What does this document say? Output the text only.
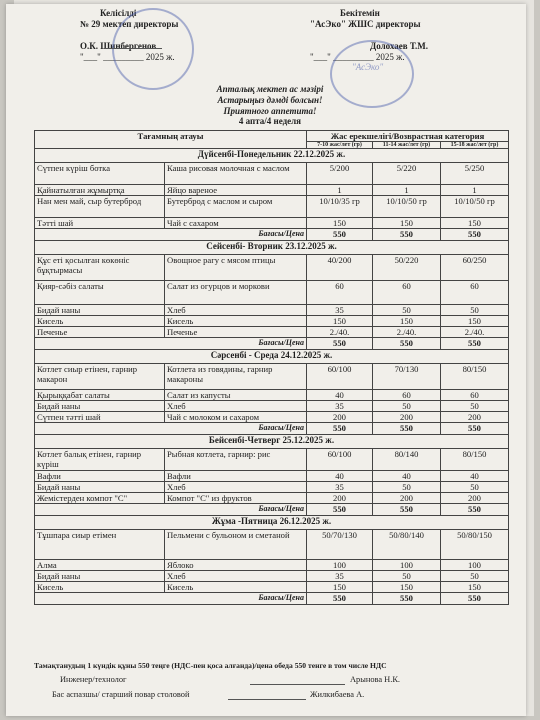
Келісілді
№ 29 мектеп директоры
О.К. Шинбергенов
"___" _________ 2025 ж.
Бекітемін
"АсЭко" ЖШС директоры
Долохаев Т.М.
"___" _________ 2025 ж.
"АсЭко"
Апталық мектеп ас мәзірі
Астарыңыз дәмді болсын!
Приятного аппетита!
4 апта/4 неделя
Тағамның атауы		Жас ерекшелігі/Возврастная категория		
		7-10 жас/лет (гр)	11-14 жас/лет (гр)	15-18 жас/лет (гр)
Дүйсенбі-Понедельник 22.12.2025 ж.				
Сүтпен күріш ботка	Каша рисовая молочная с маслом	5/200	5/220	5/250
Қайнатылған жұмыртқа	Яйцо вареное	1	1	1
Нан мен май, сыр бутерброд	Бутерброд с маслом и сыром	10/10/35 гр	10/10/50 гр	10/10/50 гр
Тәтті шай	Чай с сахаром	150	150	150
Бағасы/Цена		550	550	550
Сейсенбі- Вторник 23.12.2025 ж.				
Құс еті қосылған көкөніс бұқтырмасы	Овощное рагу с мясом птицы	40/200	50/220	60/250
Қияр-сәбіз салаты	Салат из огурцов и моркови	60	60	60
Бидай наны	Хлеб	35	50	50
Кисель	Кисель	150	150	150
Печенье	Печенье	2./40.	2./40.	2./40.
Бағасы/Цена		550	550	550
Сәрсенбі - Среда 24.12.2025 ж.				
Котлет сиыр етінен, гарнир макарон	Котлета из говядины, гарнир макароны	60/100	70/130	80/150
Қырыққабат салаты	Салат из капусты	40	60	60
Бидай наны	Хлеб	35	50	50
Сүтпен тәтті шай	Чай с молоком и сахаром	200	200	200
Бағасы/Цена		550	550	550
Бейсенбі-Четверг 25.12.2025 ж.				
Котлет балық етінен, гарнир күріш	Рыбная котлета, гарнир: рис	60/100	80/140	80/150
Вафли	Вафли	40	40	40
Бидай наны	Хлеб	35	50	50
Жемістерден компот "С"	Компот "С" из фруктов	200	200	200
Бағасы/Цена		550	550	550
Жұма -Пятница 26.12.2025 ж.				
Тұшпара сиыр етімен	Пельмени с бульоном и сметаной	50/70/130	50/80/140	50/80/150
Алма	Яблоко	100	100	100
Бидай наны	Хлеб	35	50	50
Кисель	Кисель	150	150	150
Бағасы/Цена		550	550	550
Тамақтанудың 1 күндік құны 550 теңге (НДС-пен қоса алғанда)/цена обеда 550 тенге в том числе НДС
Инженер/технолог	Арынова Н.К.
Бас аспазшы/ старший повар столовой	Жилкибаева А.
